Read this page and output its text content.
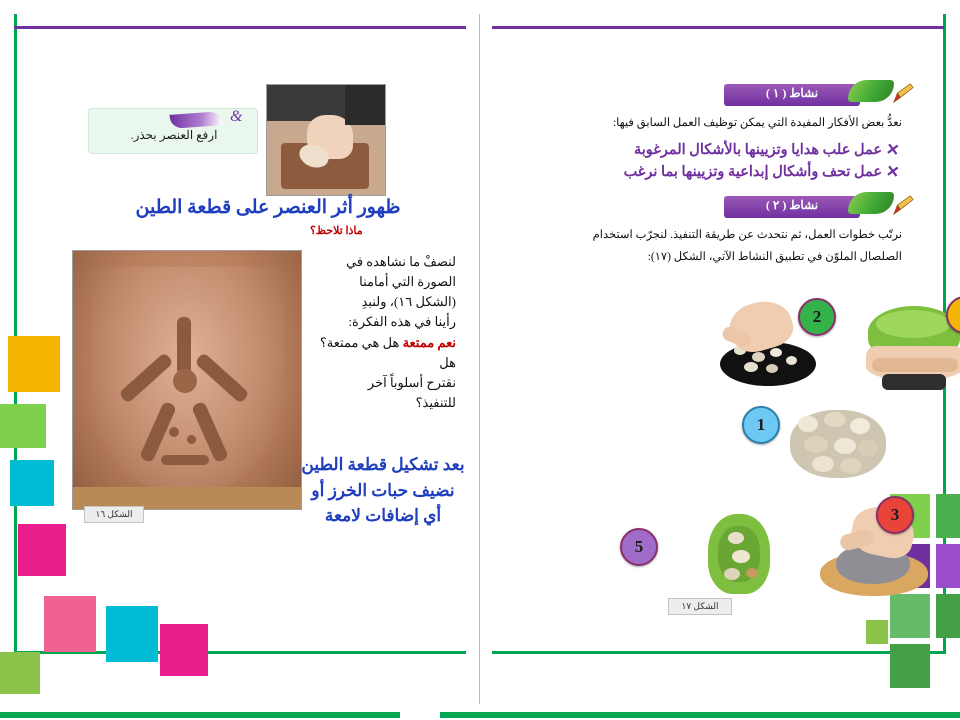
&
ارفع العنصر بحذر.
ظهور أثر العنصر على قطعة الطين
ماذا تلاحظ؟
الشكل ١٦
لنصفْ ما نشاهده في
الصورة التي أمامنا
(الشكل ١٦)، ولنبدِ
رأينا في هذه الفكرة:
نعم ممتعة هل هي ممتعة؟ هل
نقترح أسلوباً آخر
للتنفيذ؟
بعد تشكيل قطعة الطين
نضيف حبات الخرز أو
أي إضافات لامعة
نشاط ( ١ )
نعدُّ بعض الأفكار المفيدة التي يمكن توظيف العمل السابق فيها:
✕
عمل علب هدايا وتزيينها بالأشكال المرغوبة
✕
عمل تحف وأشكال إبداعية وتزيينها بما نرغب
نشاط ( ٢ )
نرتّب خطوات العمل، ثم نتحدث عن طريقة التنفيذ. لنجرّب استخدام
الصلصال الملوّن في تطبيق النشاط الآتي، الشكل (١٧):
2
1
5
3
الشكل ١٧
